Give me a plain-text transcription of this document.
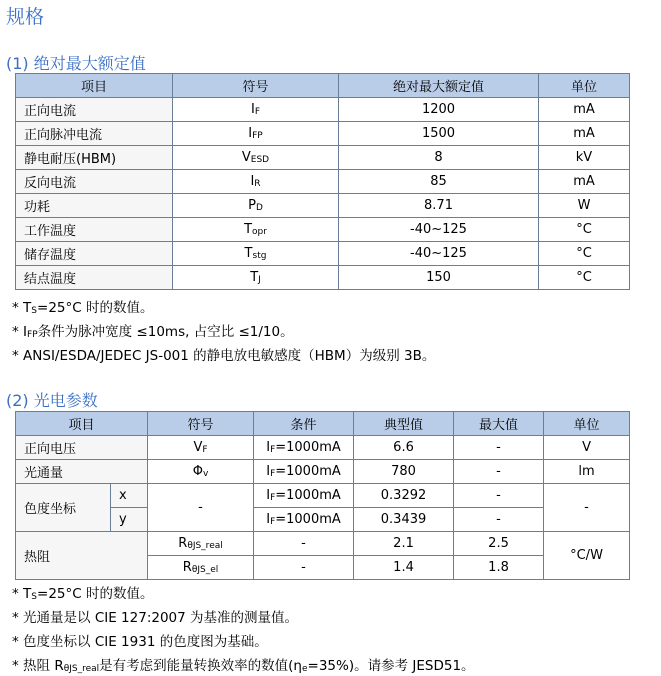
规格
(1) 绝对最大额定值
项目	符号	绝对最大额定值	单位
正向电流	$I_F$	1200	mA
正向脉冲电流	$I_{FP}$	1500	mA
静电耐压(HBM)	$V_{ESD}$	8	kV
反向电流	$I_R$	85	mA
功耗	$P_D$	8.71	W
工作温度	$T_{opr}$	-40~125	°C
储存温度	$T_{stg}$	-40~125	°C
结点温度	$T_J$	150	°C
* $T_S=25^\circ C$ 时的数值。
* $I_{FP}$条件为脉冲宽度 ≤10ms, 占空比 ≤1/10。
* ANSI/ESDA/JEDEC JS-001 的静电放电敏感度（HBM）为级别 3B。
(2) 光电参数
项目		符号	条件	典型值	最大值	单位
正向电压		$V_F$	$I_F=1000mA$	6.6	-	V
光通量		$\Phi_v$	$I_F=1000mA$	780	-	lm
色度坐标	x	-	$I_F=1000mA$	0.3292	-	-
	y		$I_F=1000mA$	0.3439	-	
热阻		$R_{\theta JS\_real}$	-	2.1	2.5	°C/W
		$R_{\theta JS\_el}$	-	1.4	1.8	
* $T_S=25^\circ C$ 时的数值。
* 光通量是以 CIE 127:2007 为基准的测量值。
* 色度坐标以 CIE 1931 的色度图为基础。
* 热阻 $R_{\theta JS\_real}$是有考虑到能量转换效率的数值$(\eta_e=35\%)$。请参考 JESD51。
